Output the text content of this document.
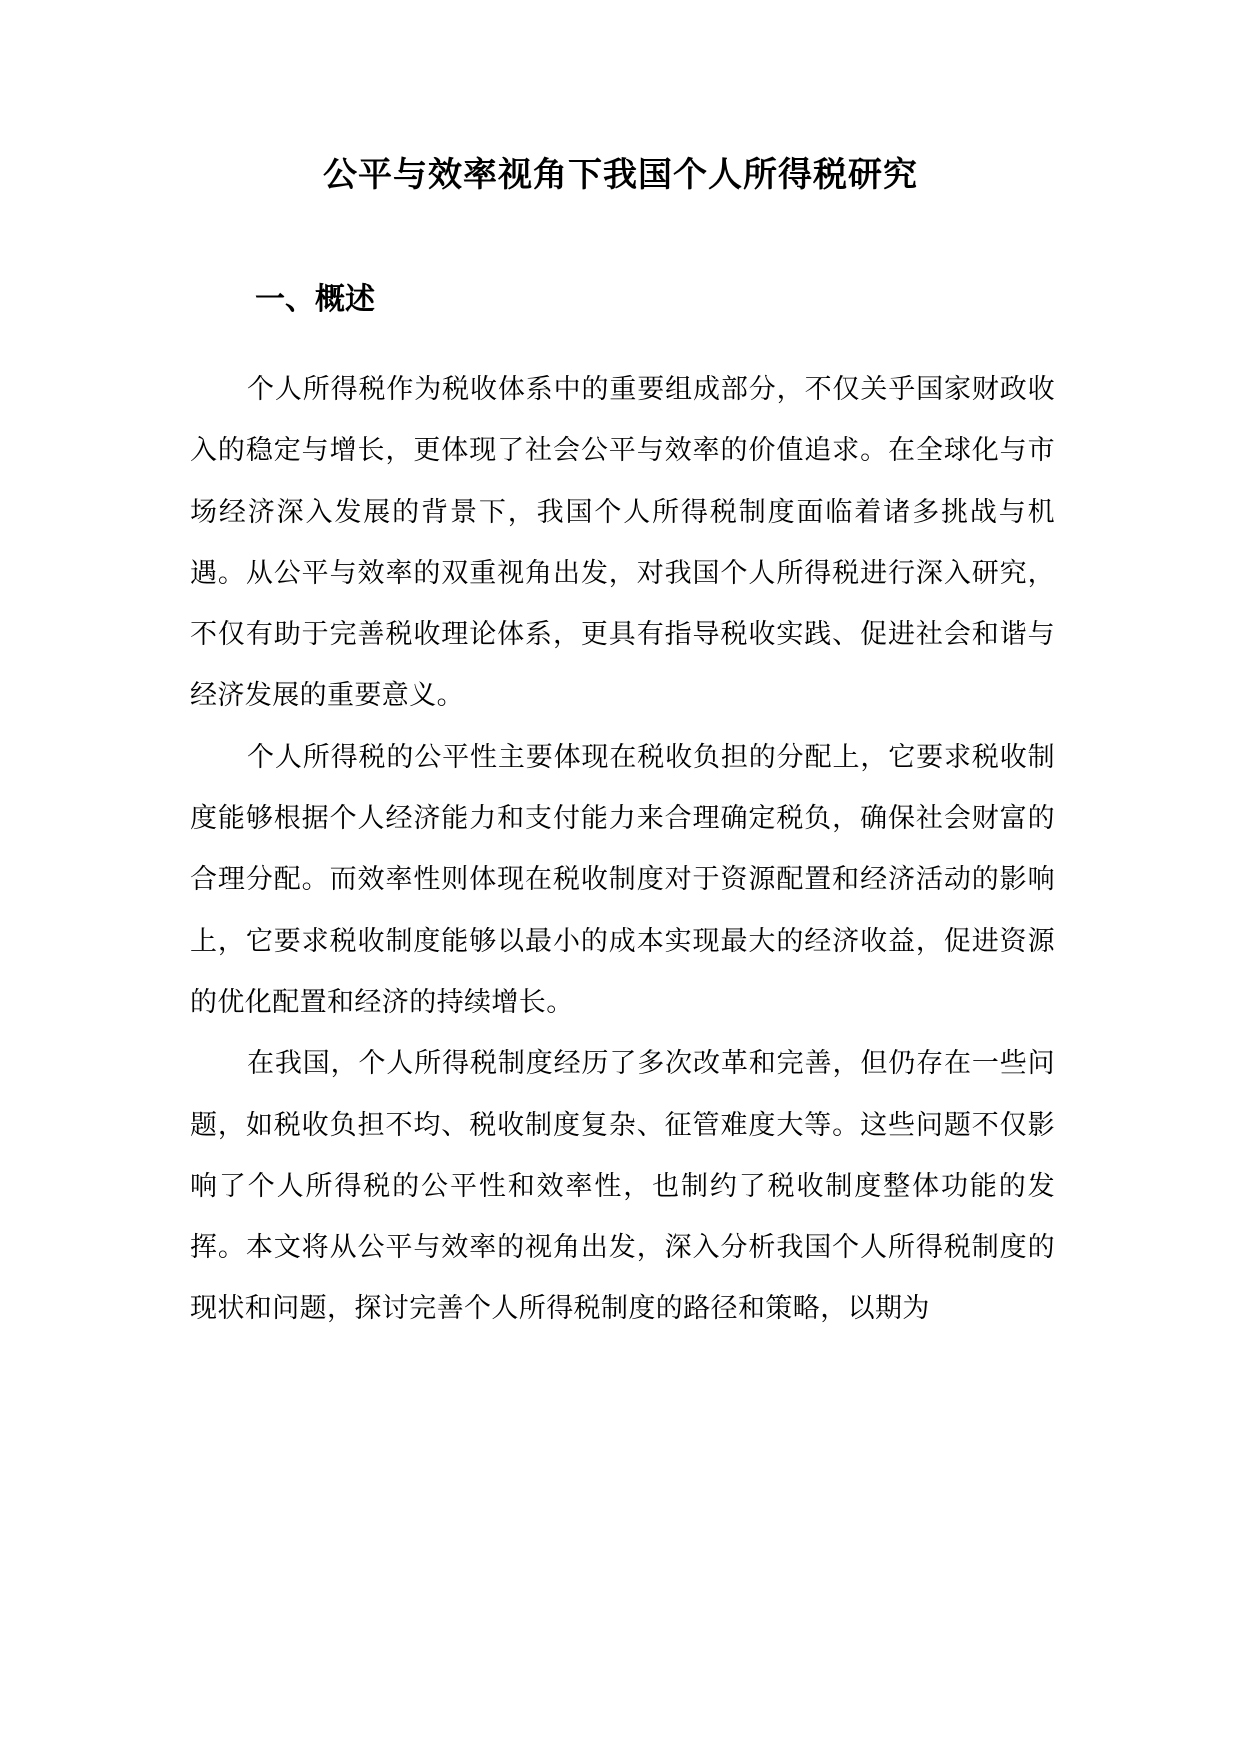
公平与效率视角下我国个人所得税研究
一、概述

个人所得税作为税收体系中的重要组成部分，不仅关乎国家财政收入的稳定与增长，更体现了社会公平与效率的价值追求。在全球化与市场经济深入发展的背景下，我国个人所得税制度面临着诸多挑战与机遇。从公平与效率的双重视角出发，对我国个人所得税进行深入研究，不仅有助于完善税收理论体系，更具有指导税收实践、促进社会和谐与经济发展的重要意义。

个人所得税的公平性主要体现在税收负担的分配上，它要求税收制度能够根据个人经济能力和支付能力来合理确定税负，确保社会财富的合理分配。而效率性则体现在税收制度对于资源配置和经济活动的影响上，它要求税收制度能够以最小的成本实现最大的经济收益，促进资源的优化配置和经济的持续增长。

在我国，个人所得税制度经历了多次改革和完善，但仍存在一些问题，如税收负担不均、税收制度复杂、征管难度大等。这些问题不仅影响了个人所得税的公平性和效率性，也制约了税收制度整体功能的发挥。本文将从公平与效率的视角出发，深入分析我国个人所得税制度的现状和问题，探讨完善个人所得税制度的路径和策略，以期为
